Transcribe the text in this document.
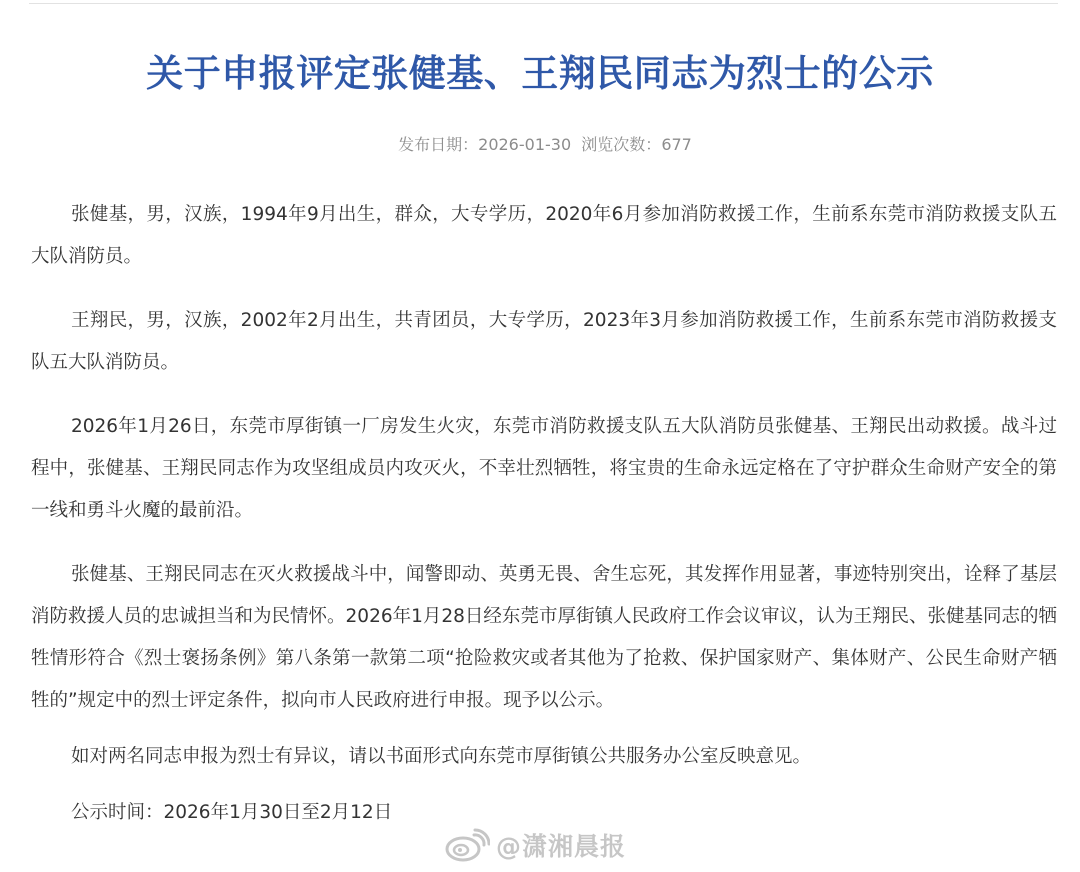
关于申报评定张健基、王翔民同志为烈士的公示
发布日期：2026-01-30 浏览次数：677

张健基，男，汉族，1994年9月出生，群众，大专学历，2020年6月参加消防救援工作，生前系东莞市消防救援支队五大队消防员。

王翔民，男，汉族，2002年2月出生，共青团员，大专学历，2023年3月参加消防救援工作，生前系东莞市消防救援支队五大队消防员。

2026年1月26日，东莞市厚街镇一厂房发生火灾，东莞市消防救援支队五大队消防员张健基、王翔民出动救援。战斗过程中，张健基、王翔民同志作为攻坚组成员内攻灭火，不幸壮烈牺牲，将宝贵的生命永远定格在了守护群众生命财产安全的第一线和勇斗火魔的最前沿。

张健基、王翔民同志在灭火救援战斗中，闻警即动、英勇无畏、舍生忘死，其发挥作用显著，事迹特别突出，诠释了基层消防救援人员的忠诚担当和为民情怀。2026年1月28日经东莞市厚街镇人民政府工作会议审议，认为王翔民、张健基同志的牺牲情形符合《烈士褒扬条例》第八条第一款第二项“抢险救灾或者其他为了抢救、保护国家财产、集体财产、公民生命财产牺牲的”规定中的烈士评定条件，拟向市人民政府进行申报。现予以公示。

如对两名同志申报为烈士有异议，请以书面形式向东莞市厚街镇公共服务办公室反映意见。

公示时间：2026年1月30日至2月12日

@潇湘晨报
